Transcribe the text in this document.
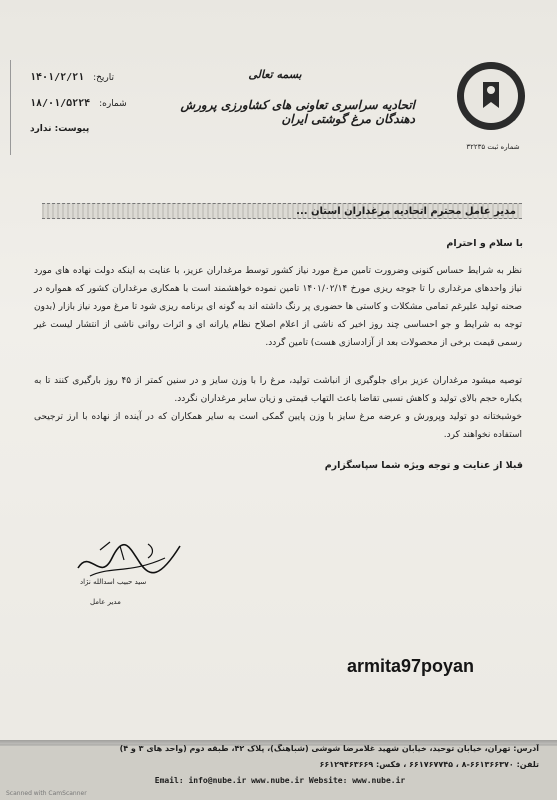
شماره ثبت ۳۲۲۳۵
بسمه تعالی
اتحادیه سراسری تعاونی های کشاورزی پرورش دهندگان مرغ گوشتی ایران
تاریخ: ۱۴۰۱/۲/۲۱
شماره: ۱۸/۰۱/۵۲۲۴
پیوست: ندارد
مدیر عامل محترم اتحادیه مرغداران استان ...
با سلام و احترام

نظر به شرایط حساس کنونی وضرورت تامین مرغ مورد نیاز کشور توسط مرغداران عزیز، با عنایت به اینکه دولت نهاده های مورد نیاز واحدهای مرغداری را تا جوجه ریزی مورخ ۱۴۰۱/۰۲/۱۴ تامین نموده خواهشمند است با همکاری مرغداران کشور که همواره در صحنه تولید علیرغم تمامی مشکلات و کاستی ها حضوری پر رنگ داشته اند به گونه ای برنامه ریزی شود تا مرغ مورد نیاز بازار (بدون توجه به شرایط و جو احساسی چند روز اخیر که ناشی از اعلام اصلاح نظام یارانه ای و اثرات روانی ناشی از انتشار لیست غیر رسمی قیمت برخی از محصولات بعد از آزادسازی هست) تامین گردد.

توصیه میشود مرغداران عزیز برای جلوگیری از انباشت تولید، مرغ را با وزن سایز و در سنین کمتر از ۴۵ روز بارگیری کنند تا به یکباره حجم بالای تولید و کاهش نسبی تقاضا باعث التهاب قیمتی و زیان سایر مرغداران نگردد.

خوشبختانه دو تولید وپرورش و عرضه مرغ سایز با وزن پایین گمکی است به سایر همکاران که در آینده از نهاده با ارز ترجیحی استفاده نخواهند کرد.

قبلا از عنایت و توجه ویژه شما سپاسگزارم
سید حبیب اسدالله نژاد
مدیر عامل
armita97poyan
آدرس: تهران، خیابان توحید، خیابان شهید غلامرضا شوشی (شباهنگ)، پلاک ۴۲، طبقه دوم (واحد های ۳ و ۴)
تلفن: ۶۶۱۳۶۶۳۷۰-۸ ، ۶۶۱۷۶۷۷۴۵ ، فکس: ۶۶۱۲۹۴۶۳۶۶۹
Email: info@nube.ir www.nube.ir Website: www.nube.ir
Scanned with CamScanner
